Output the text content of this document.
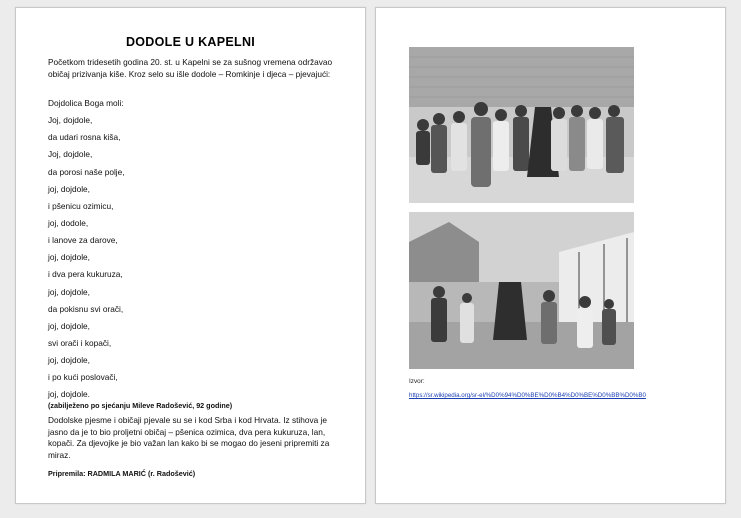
DODOLE U KAPELNI
Početkom tridesetih godina 20. st. u Kapelni se za sušnog vremena održavao običaj prizivanja kiše. Kroz selo su išle dodole – Romkinje i djeca – pjevajući:
Dojdolica Boga moli:
Joj, dojdole,
da udari rosna kiša,
Joj, dojdole,
da porosi naše polje,
joj, dojdole,
i pšenicu ozimicu,
joj, dodole,
i lanove za darove,
joj, dojdole,
i dva pera kukuruza,
joj, dojdole,
da pokisnu svi orači,
joj, dojdole,
svi orači i kopači,
joj, dojdole,
i po kući poslovači,
joj, dojdole.
(zabilježeno po sjećanju Mileve Radošević, 92 godine)
Dodolske pjesme i običaji pjevale su se i kod Srba i kod Hrvata. Iz stihova je jasno da je to bio proljetni običaj – pšenica ozimica, dva pera kukuruza, lan, kopači. Za djevojke je bio važan lan kako bi se mogao do jeseni pripremiti za miraz.
Pripremila: RADMILA MARIĆ (r. Radošević)
Izvor:
https://sr.wikipedia.org/sr-el/%D0%94%D0%BE%D0%B4%D0%BE%D0%BB%D0%B0
